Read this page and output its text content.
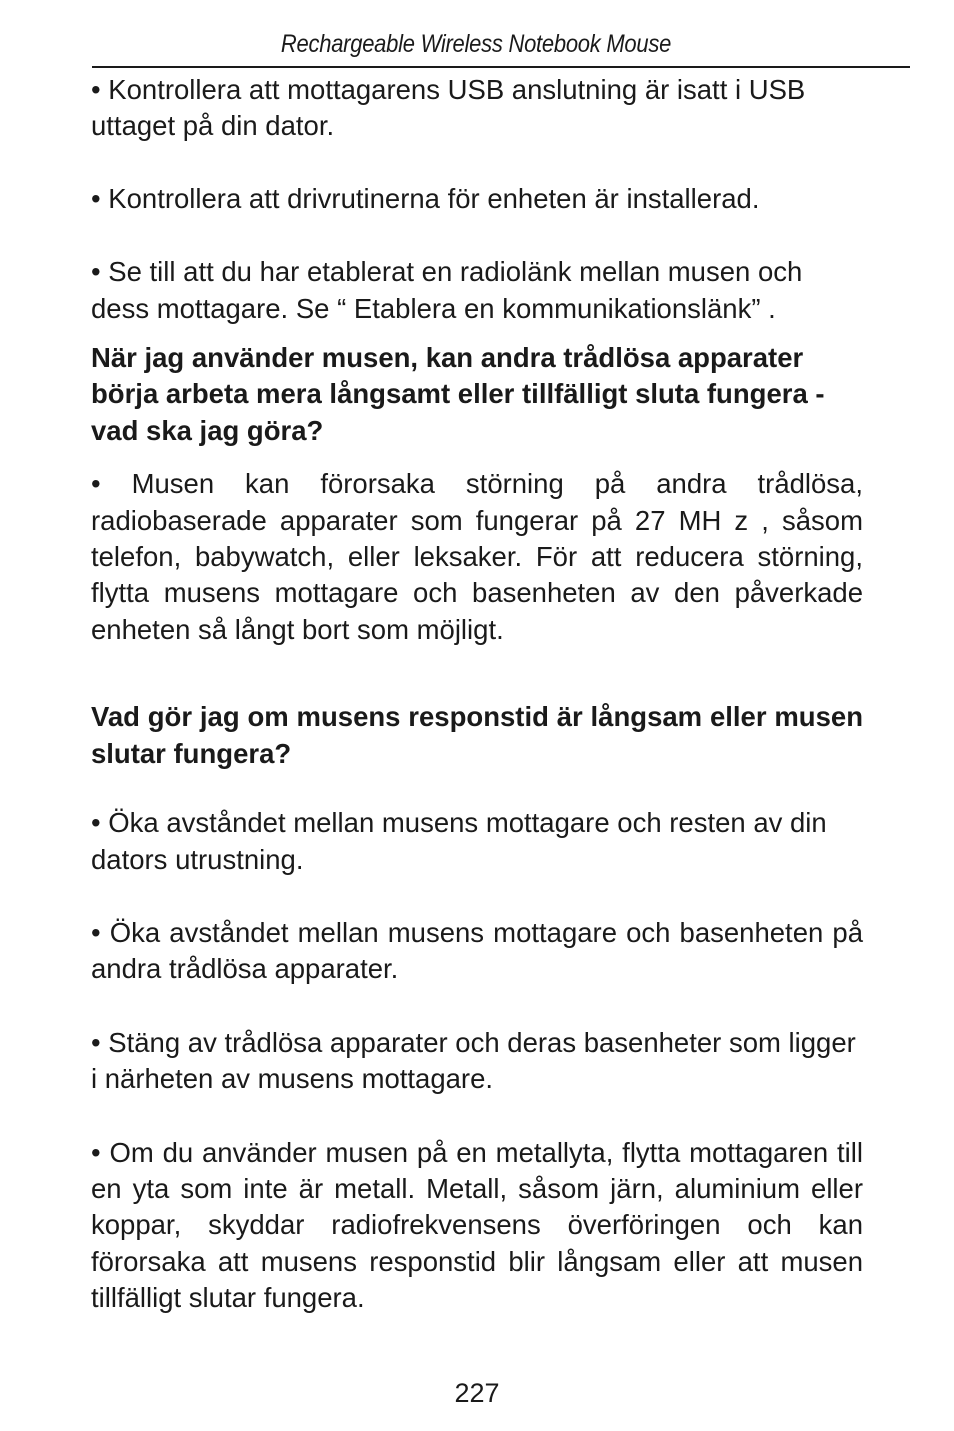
Rechargeable Wireless Notebook Mouse

• Kontrollera att mottagarens USB anslutning är isatt i USB uttaget på din dator.

• Kontrollera att drivrutinerna för enheten är installerad.

• Se till att du har etablerat en radiolänk mellan musen och dess mottagare. Se “ Etablera en kommunikationslänk” .

När jag använder musen, kan andra trådlösa apparater börja arbeta mera långsamt eller tillfälligt sluta fungera - vad ska jag göra?

• Musen kan förorsaka störning på andra trådlösa, radiobaserade apparater som fungerar på 27 MH z , såsom telefon, babywatch, eller leksaker. För att reducera störning, flytta musens mottagare och basenheten av den påverkade enheten så långt bort som möjligt.

Vad gör jag om musens responstid är långsam eller musen slutar fungera?

• Öka avståndet mellan musens mottagare och resten av din dators utrustning.

• Öka avståndet mellan musens mottagare och basenheten på andra trådlösa apparater.

• Stäng av trådlösa apparater och deras basenheter som ligger i närheten av musens mottagare.

• Om du använder musen på en metallyta, flytta mottagaren till en yta som inte är metall. Metall, såsom järn, aluminium eller koppar, skyddar radiofrekvensens överföringen och kan förorsaka att musens responstid blir långsam eller att musen tillfälligt slutar fungera.

227
